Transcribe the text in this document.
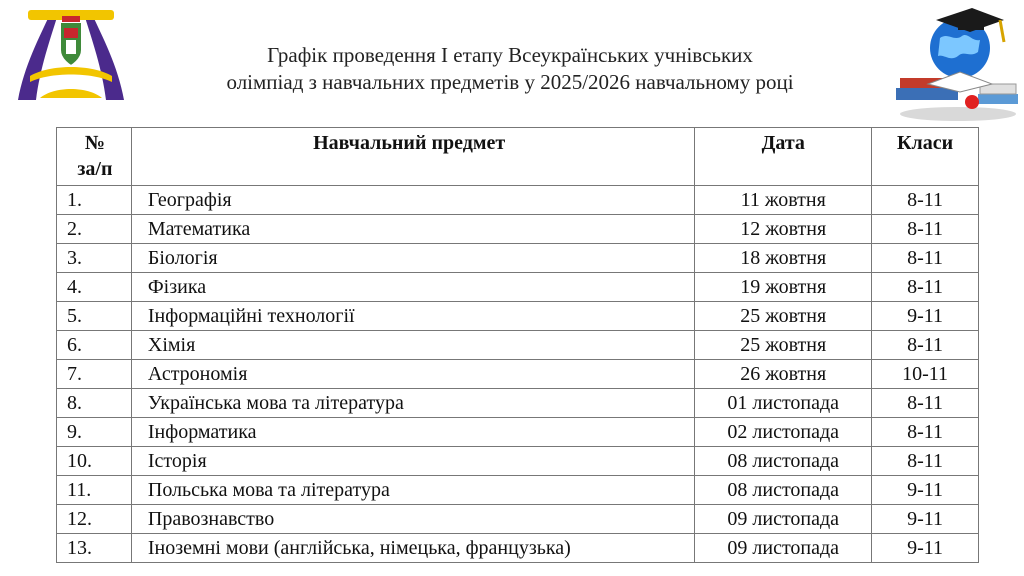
Графік проведення І етапу Всеукраїнських учнівських
олімпіад з навчальних предметів у 2025/2026 навчальному році
№
за/п	Навчальний предмет	Дата	Класи
1.	Географія	11 жовтня	8-11
2.	Математика	12 жовтня	8-11
3.	Біологія	18 жовтня	8-11
4.	Фізика	19 жовтня	8-11
5.	Інформаційні технології	25 жовтня	9-11
6.	Хімія	25 жовтня	8-11
7.	Астрономія	26 жовтня	10-11
8.	Українська мова та література	01 листопада	8-11
9.	Інформатика	02 листопада	8-11
10.	Історія	08 листопада	8-11
11.	Польська мова та література	08 листопада	9-11
12.	Правознавство	09 листопада	9-11
13.	Іноземні мови (англійська, німецька, французька)	09 листопада	9-11
